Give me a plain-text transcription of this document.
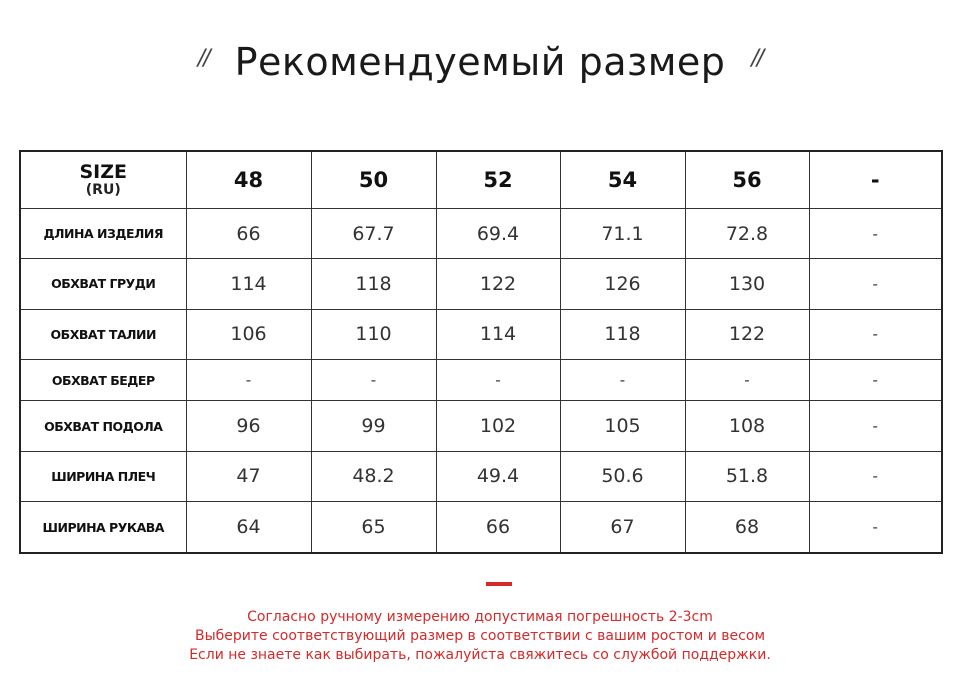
// Рекомендуемый размер //
SIZE
(RU)	48	50	52	54	56	-
ДЛИНА ИЗДЕЛИЯ	66	67.7	69.4	71.1	72.8	-
ОБХВАТ ГРУДИ	114	118	122	126	130	-
ОБХВАТ ТАЛИИ	106	110	114	118	122	-
ОБХВАТ БЕДЕР	-	-	-	-	-	-
ОБХВАТ ПОДОЛА	96	99	102	105	108	-
ШИРИНА ПЛЕЧ	47	48.2	49.4	50.6	51.8	-
ШИРИНА РУКАВА	64	65	66	67	68	-
Согласно ручному измерению допустимая погрешность 2-3cm
Выберите соответствующий размер в соответствии с вашим ростом и весом
Если не знаете как выбирать, пожалуйста свяжитесь со службой поддержки.
